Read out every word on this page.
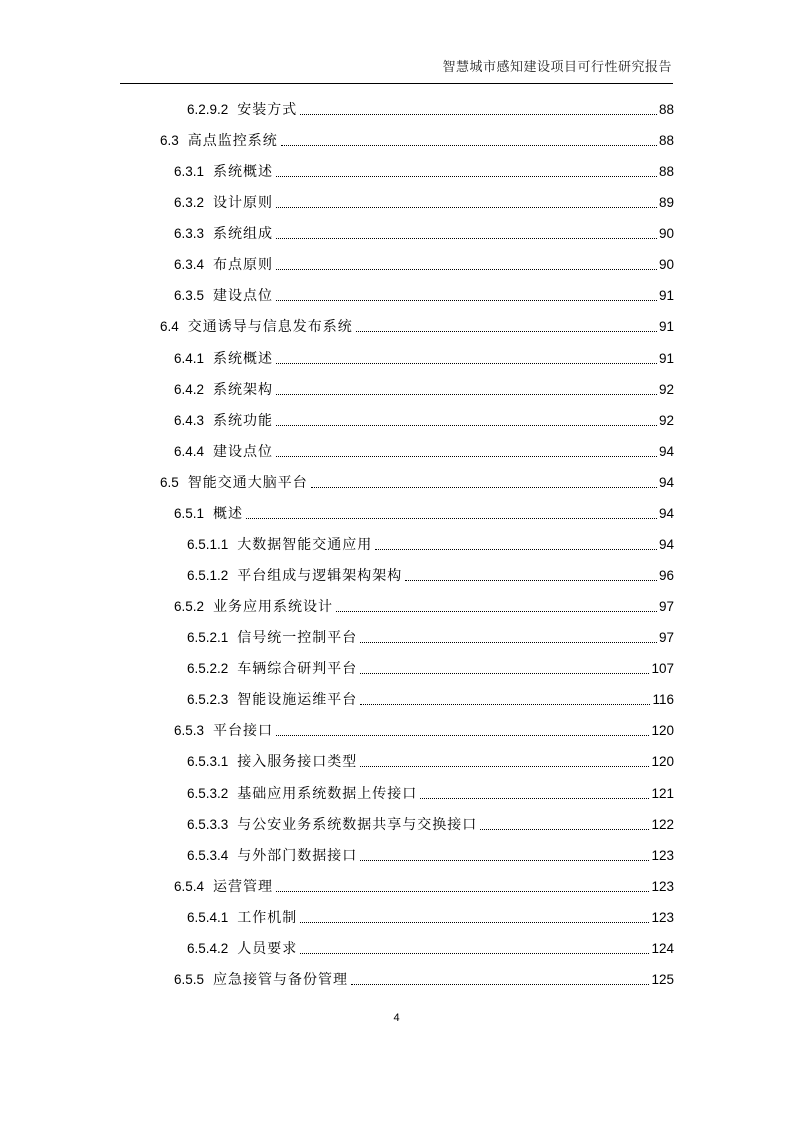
智慧城市感知建设项目可行性研究报告
6.2.9.2 安装方式	88
6.3 高点监控系统	88
6.3.1 系统概述	88
6.3.2 设计原则	89
6.3.3 系统组成	90
6.3.4 布点原则	90
6.3.5 建设点位	91
6.4 交通诱导与信息发布系统	91
6.4.1 系统概述	91
6.4.2 系统架构	92
6.4.3 系统功能	92
6.4.4 建设点位	94
6.5 智能交通大脑平台	94
6.5.1 概述	94
6.5.1.1 大数据智能交通应用	94
6.5.1.2 平台组成与逻辑架构架构	96
6.5.2 业务应用系统设计	97
6.5.2.1 信号统一控制平台	97
6.5.2.2 车辆综合研判平台	107
6.5.2.3 智能设施运维平台	116
6.5.3 平台接口	120
6.5.3.1 接入服务接口类型	120
6.5.3.2 基础应用系统数据上传接口	121
6.5.3.3 与公安业务系统数据共享与交换接口	122
6.5.3.4 与外部门数据接口	123
6.5.4 运营管理	123
6.5.4.1 工作机制	123
6.5.4.2 人员要求	124
6.5.5 应急接管与备份管理	125
4
